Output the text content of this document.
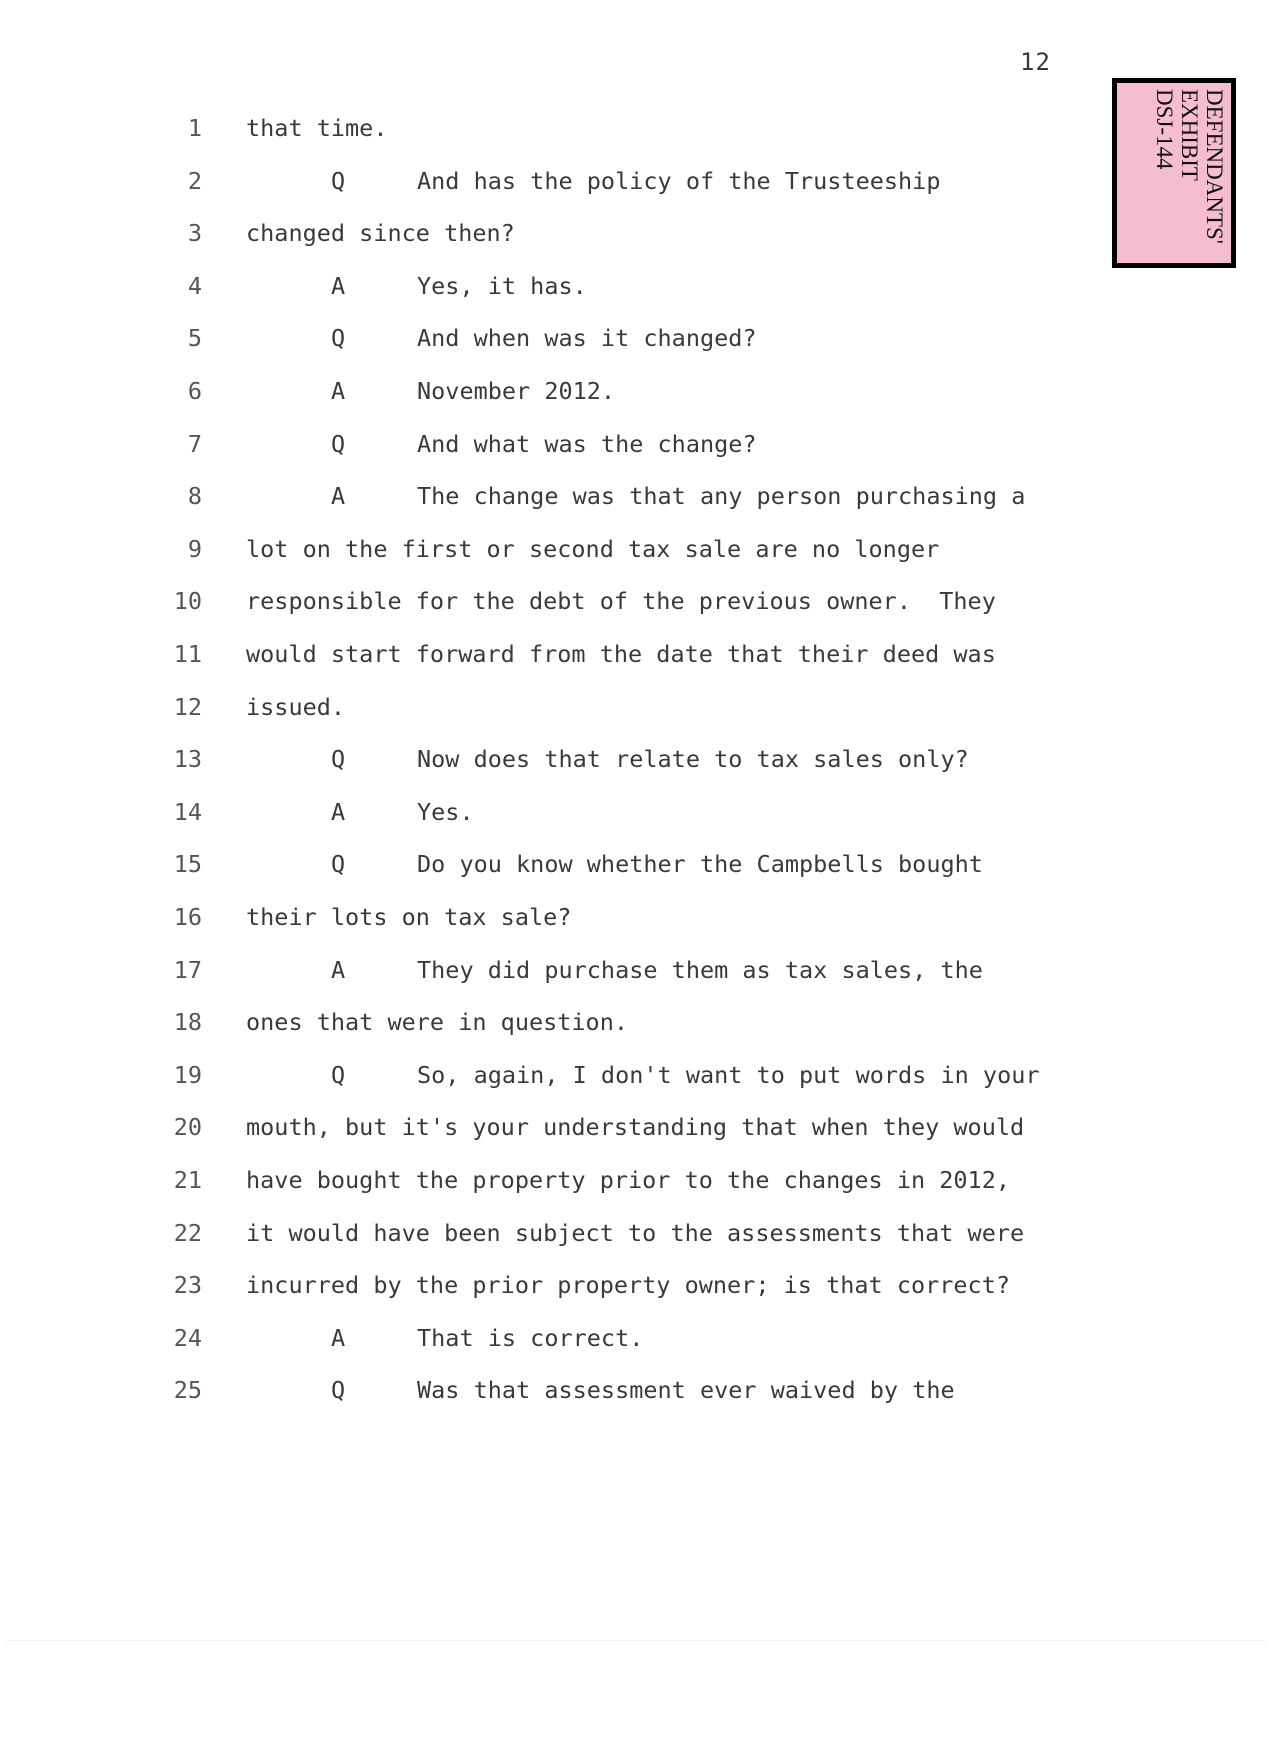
12
DEFENDANTS'
EXHIBIT
DSJ-144
1 that time.
2	Q	And has the policy of the Trusteeship
3 changed since then?
4	A	Yes, it has.
5	Q	And when was it changed?
6	A	November 2012.
7	Q	And what was the change?
8	A	The change was that any person purchasing a
9 lot on the first or second tax sale are no longer
10 responsible for the debt of the previous owner.  They
11 would start forward from the date that their deed was
12 issued.
13	Q	Now does that relate to tax sales only?
14	A	Yes.
15	Q	Do you know whether the Campbells bought
16 their lots on tax sale?
17	A	They did purchase them as tax sales, the
18 ones that were in question.
19	Q	So, again, I don't want to put words in your
20 mouth, but it's your understanding that when they would
21 have bought the property prior to the changes in 2012,
22 it would have been subject to the assessments that were
23 incurred by the prior property owner; is that correct?
24	A	That is correct.
25	Q	Was that assessment ever waived by the
